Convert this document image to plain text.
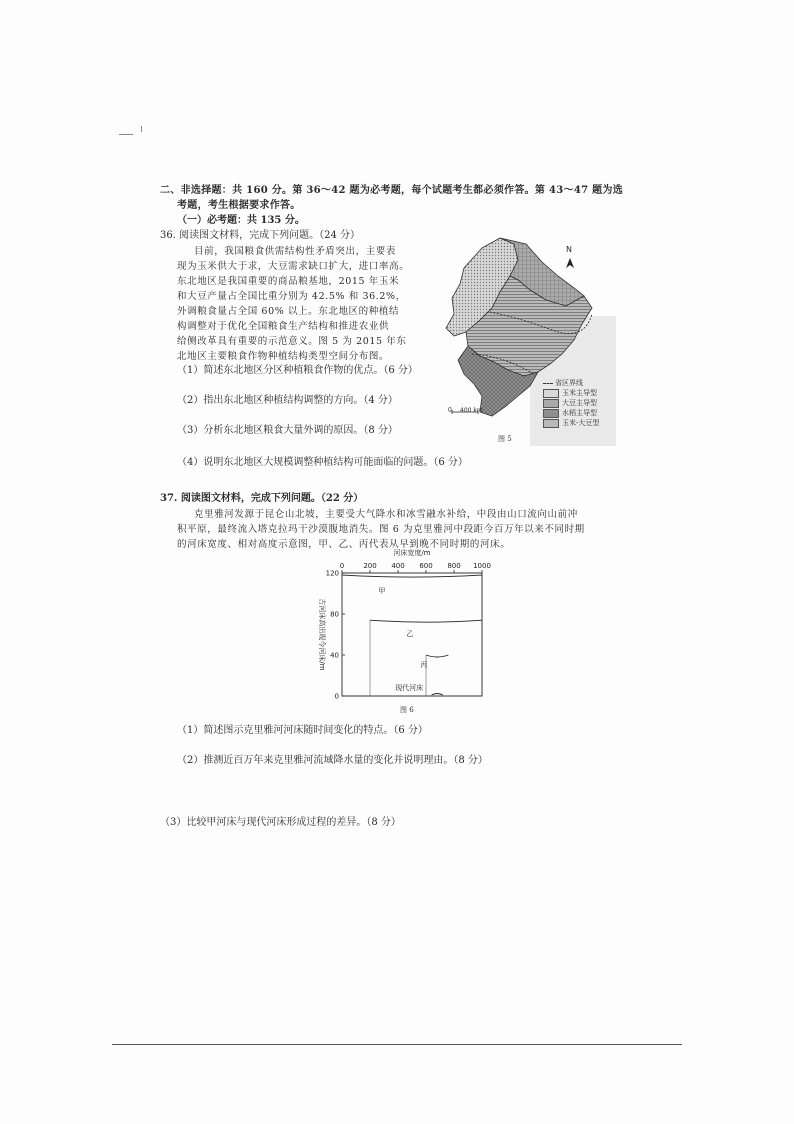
二、非选择题：共 160 分。第 36～42 题为必考题，每个试题考生都必须作答。第 43～47 题为选
考题，考生根据要求作答。
（一）必考题：共 135 分。
36. 阅读图文材料，完成下列问题。（24 分）
目前，我国粮食供需结构性矛盾突出，主要表
现为玉米供大于求，大豆需求缺口扩大，进口率高。
东北地区是我国重要的商品粮基地，2015 年玉米
和大豆产量占全国比重分别为 42.5% 和 36.2%，
外调粮食量占全国 60% 以上。东北地区的种植结
构调整对于优化全国粮食生产结构和推进农业供
给侧改革具有重要的示范意义。图 5 为 2015 年东
北地区主要粮食作物种植结构类型空间分布图。
（1）简述东北地区分区种植粮食作物的优点。（6 分）
（2）指出东北地区种植结构调整的方向。（4 分）
（3）分析东北地区粮食大量外调的原因。（8 分）
（4）说明东北地区大规模调整种植结构可能面临的问题。（6 分）
N
0 400 km
省区界线
玉米主导型
大豆主导型
水稻主导型
玉米-大豆型
图 5
37. 阅读图文材料，完成下列问题。（22 分）
克里雅河发源于昆仑山北坡，主要受大气降水和冰雪融水补给，中段由山口流向山前冲
积平原，最终流入塔克拉玛干沙漠腹地消失。图 6 为克里雅河中段距今百万年以来不同时期
的河床宽度、相对高度示意图，甲、乙、丙代表从早到晚不同时期的河床。
0	200 400 600 800 1000
0
40
80
120
河床宽度/m
古河床高出现今河床/m
甲
乙
丙
现代河床
图 6
（1）简述图示克里雅河河床随时间变化的特点。（6 分）
（2）推测近百万年来克里雅河流域降水量的变化并说明理由。（8 分）
（3）比较甲河床与现代河床形成过程的差异。（8 分）
